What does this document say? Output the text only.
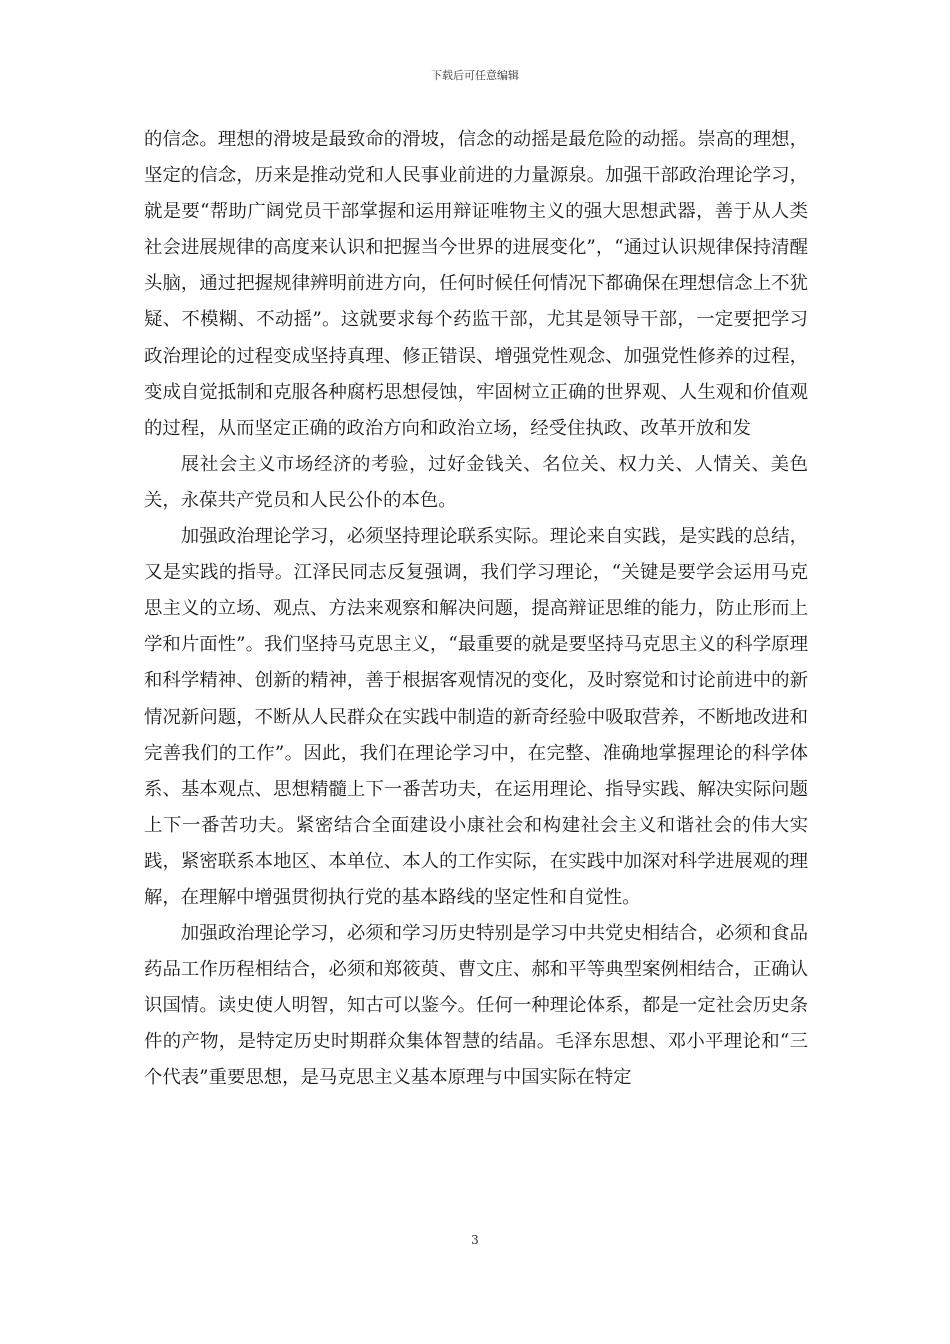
下载后可任意编辑

的信念。理想的滑坡是最致命的滑坡，信念的动摇是最危险的动摇。崇高的理想，坚定的信念，历来是推动党和人民事业前进的力量源泉。加强干部政治理论学习，就是要“帮助广阔党员干部掌握和运用辩证唯物主义的强大思想武器，善于从人类社会进展规律的高度来认识和把握当今世界的进展变化”，“通过认识规律保持清醒头脑，通过把握规律辨明前进方向，任何时候任何情况下都确保在理想信念上不犹疑、不模糊、不动摇”。这就要求每个药监干部，尤其是领导干部，一定要把学习政治理论的过程变成坚持真理、修正错误、增强党性观念、加强党性修养的过程，变成自觉抵制和克服各种腐朽思想侵蚀，牢固树立正确的世界观、人生观和价值观的过程，从而坚定正确的政治方向和政治立场，经受住执政、改革开放和发

展社会主义市场经济的考验，过好金钱关、名位关、权力关、人情关、美色关，永葆共产党员和人民公仆的本色。

加强政治理论学习，必须坚持理论联系实际。理论来自实践，是实践的总结，又是实践的指导。江泽民同志反复强调，我们学习理论，“关键是要学会运用马克思主义的立场、观点、方法来观察和解决问题，提高辩证思维的能力，防止形而上学和片面性”。我们坚持马克思主义，“最重要的就是要坚持马克思主义的科学原理和科学精神、创新的精神，善于根据客观情况的变化，及时察觉和讨论前进中的新情况新问题，不断从人民群众在实践中制造的新奇经验中吸取营养，不断地改进和完善我们的工作”。因此，我们在理论学习中，在完整、准确地掌握理论的科学体系、基本观点、思想精髓上下一番苦功夫，在运用理论、指导实践、解决实际问题上下一番苦功夫。紧密结合全面建设小康社会和构建社会主义和谐社会的伟大实践，紧密联系本地区、本单位、本人的工作实际，在实践中加深对科学进展观的理解，在理解中增强贯彻执行党的基本路线的坚定性和自觉性。

加强政治理论学习，必须和学习历史特别是学习中共党史相结合，必须和食品药品工作历程相结合，必须和郑筱萸、曹文庄、郝和平等典型案例相结合，正确认识国情。读史使人明智，知古可以鉴今。任何一种理论体系，都是一定社会历史条件的产物，是特定历史时期群众集体智慧的结晶。毛泽东思想、邓小平理论和“三个代表”重要思想，是马克思主义基本原理与中国实际在特定

3
